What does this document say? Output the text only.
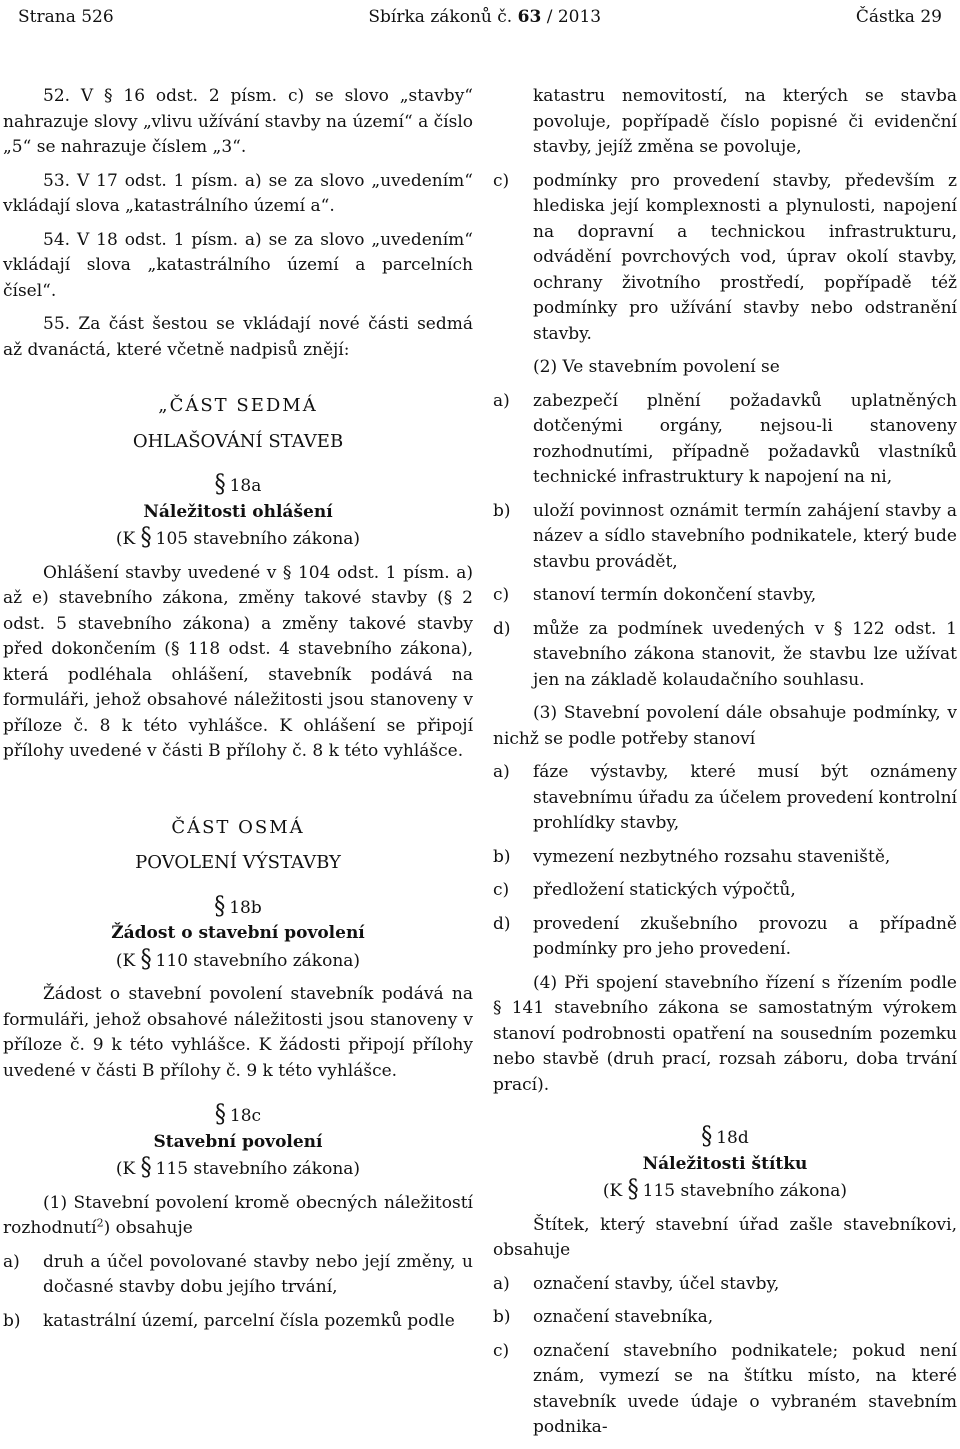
Strana 526	Sbírka zákonů č. 63 / 2013	Částka 29

52. V § 16 odst. 2 písm. c) se slovo „stavby“ nahrazuje slovy „vlivu užívání stavby na území“ a číslo „5“ se nahrazuje číslem „3“.

53. V 17 odst. 1 písm. a) se za slovo „uvedením“ vkládají slova „katastrálního území a“.

54. V 18 odst. 1 písm. a) se za slovo „uvedením“ vkládají slova „katastrálního území a parcelních čísel“.

55. Za část šestou se vkládají nové části sedmá až dvanáctá, které včetně nadpisů znějí:

„ČÁST SEDMÁ
OHLAŠOVÁNÍ STAVEB
§ 18a
Náležitosti ohlášení
(K § 105 stavebního zákona)

Ohlášení stavby uvedené v § 104 odst. 1 písm. a) až e) stavebního zákona, změny takové stavby (§ 2 odst. 5 stavebního zákona) a změny takové stavby před dokončením (§ 118 odst. 4 stavebního zákona), která podléhala ohlášení, stavebník podává na formuláři, jehož obsahové náležitosti jsou stanoveny v příloze č. 8 k této vyhlášce. K ohlášení se připojí přílohy uvedené v části B přílohy č. 8 k této vyhlášce.

ČÁST OSMÁ
POVOLENÍ VÝSTAVBY
§ 18b
Žádost o stavební povolení
(K § 110 stavebního zákona)

Žádost o stavební povolení stavebník podává na formuláři, jehož obsahové náležitosti jsou stanoveny v příloze č. 9 k této vyhlášce. K žádosti připojí přílohy uvedené v části B přílohy č. 9 k této vyhlášce.

§ 18c
Stavební povolení
(K § 115 stavebního zákona)

(1) Stavební povolení kromě obecných náležitostí rozhodnutí$^2$) obsahuje

a)	druh a účel povolované stavby nebo její změny, u dočasné stavby dobu jejího trvání,
b)	katastrální území, parcelní čísla pozemků podle

katastru nemovitostí, na kterých se stavba povoluje, popřípadě číslo popisné či evidenční stavby, jejíž změna se povoluje,

c)	podmínky pro provedení stavby, především z hlediska její komplexnosti a plynulosti, napojení na dopravní a technickou infrastrukturu, odvádění povrchových vod, úprav okolí stavby, ochrany životního prostředí, popřípadě též podmínky pro užívání stavby nebo odstranění stavby.

(2) Ve stavebním povolení se

a)	zabezpečí plnění požadavků uplatněných dotčenými orgány, nejsou-li stanoveny rozhodnutími, případně požadavků vlastníků technické infrastruktury k napojení na ni,
b)	uloží povinnost oznámit termín zahájení stavby a název a sídlo stavebního podnikatele, který bude stavbu provádět,
c)	stanoví termín dokončení stavby,
d)	může za podmínek uvedených v § 122 odst. 1 stavebního zákona stanovit, že stavbu lze užívat jen na základě kolaudačního souhlasu.

(3) Stavební povolení dále obsahuje podmínky, v nichž se podle potřeby stanoví

a)	fáze výstavby, které musí být oznámeny stavebnímu úřadu za účelem provedení kontrolní prohlídky stavby,
b)	vymezení nezbytného rozsahu staveniště,
c)	předložení statických výpočtů,
d)	provedení zkušebního provozu a případně podmínky pro jeho provedení.

(4) Při spojení stavebního řízení s řízením podle § 141 stavebního zákona se samostatným výrokem stanoví podrobnosti opatření na sousedním pozemku nebo stavbě (druh prací, rozsah záboru, doba trvání prací).

§ 18d
Náležitosti štítku
(K § 115 stavebního zákona)

Štítek, který stavební úřad zašle stavebníkovi, obsahuje

a)	označení stavby, účel stavby,
b)	označení stavebníka,
c)	označení stavebního podnikatele; pokud není znám, vymezí se na štítku místo, na které stavebník uvede údaje o vybraném stavebním podnika-
